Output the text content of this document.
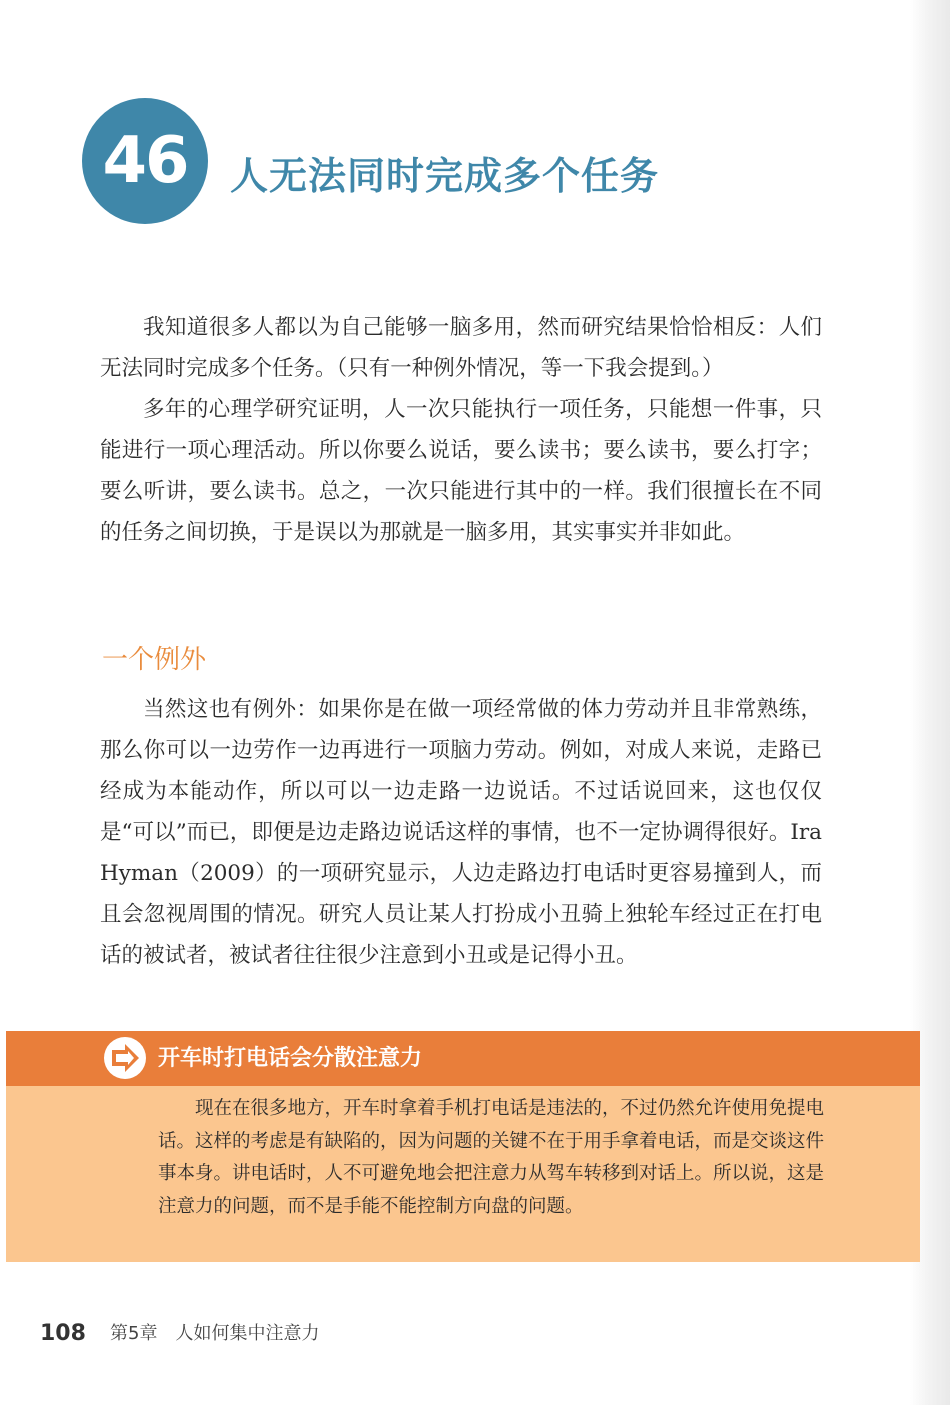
46	人无法同时完成多个任务

我知道很多人都以为自己能够一脑多用，然而研究结果恰恰相反：人们无法同时完成多个任务。（只有一种例外情况，等一下我会提到。）

多年的心理学研究证明，人一次只能执行一项任务，只能想一件事，只能进行一项心理活动。所以你要么说话，要么读书；要么读书，要么打字；要么听讲，要么读书。总之，一次只能进行其中的一样。我们很擅长在不同的任务之间切换，于是误以为那就是一脑多用，其实事实并非如此。

一个例外

当然这也有例外：如果你是在做一项经常做的体力劳动并且非常熟练，那么你可以一边劳作一边再进行一项脑力劳动。例如，对成人来说，走路已经成为本能动作，所以可以一边走路一边说话。不过话说回来，这也仅仅是“可以”而已，即便是边走路边说话这样的事情，也不一定协调得很好。Ira Hyman（2009）的一项研究显示，人边走路边打电话时更容易撞到人，而且会忽视周围的情况。研究人员让某人打扮成小丑骑上独轮车经过正在打电话的被试者，被试者往往很少注意到小丑或是记得小丑。

开车时打电话会分散注意力

现在在很多地方，开车时拿着手机打电话是违法的，不过仍然允许使用免提电话。这样的考虑是有缺陷的，因为问题的关键不在于用手拿着电话，而是交谈这件事本身。讲电话时，人不可避免地会把注意力从驾车转移到对话上。所以说，这是注意力的问题，而不是手能不能控制方向盘的问题。

108 第5章 人如何集中注意力
